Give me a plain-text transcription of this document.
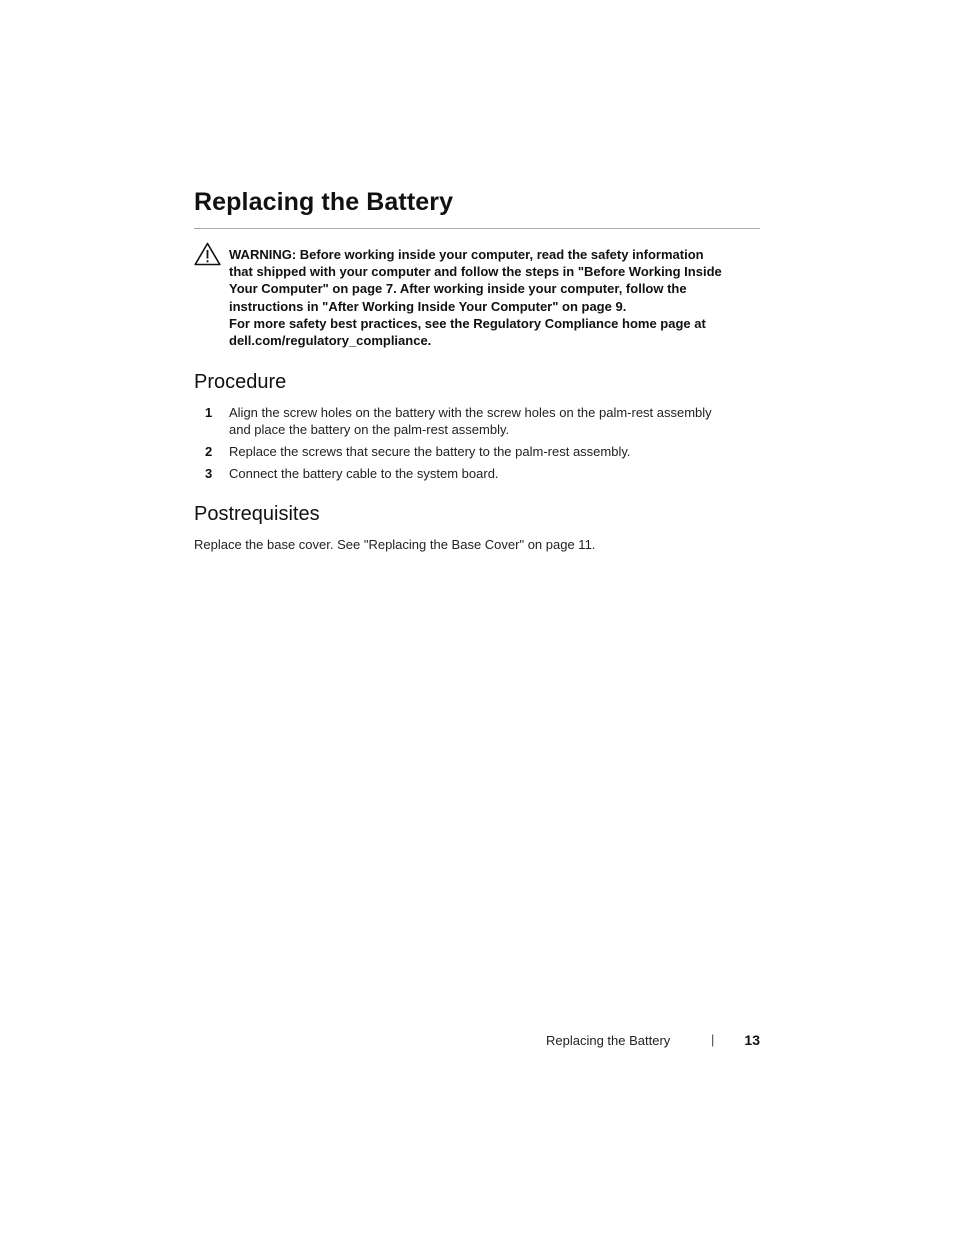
Replacing the Battery
WARNING: Before working inside your computer, read the safety information
that shipped with your computer and follow the steps in "Before Working Inside
Your Computer" on page 7. After working inside your computer, follow the
instructions in "After Working Inside Your Computer" on page 9.
For more safety best practices, see the Regulatory Compliance home page at
dell.com/regulatory_compliance.
Procedure
1 Align the screw holes on the battery with the screw holes on the palm-rest assembly
and place the battery on the palm-rest assembly.
2 Replace the screws that secure the battery to the palm-rest assembly.
3 Connect the battery cable to the system board.
Postrequisites

Replace the base cover. See "Replacing the Base Cover" on page 11.

Replacing the Battery	| 13
